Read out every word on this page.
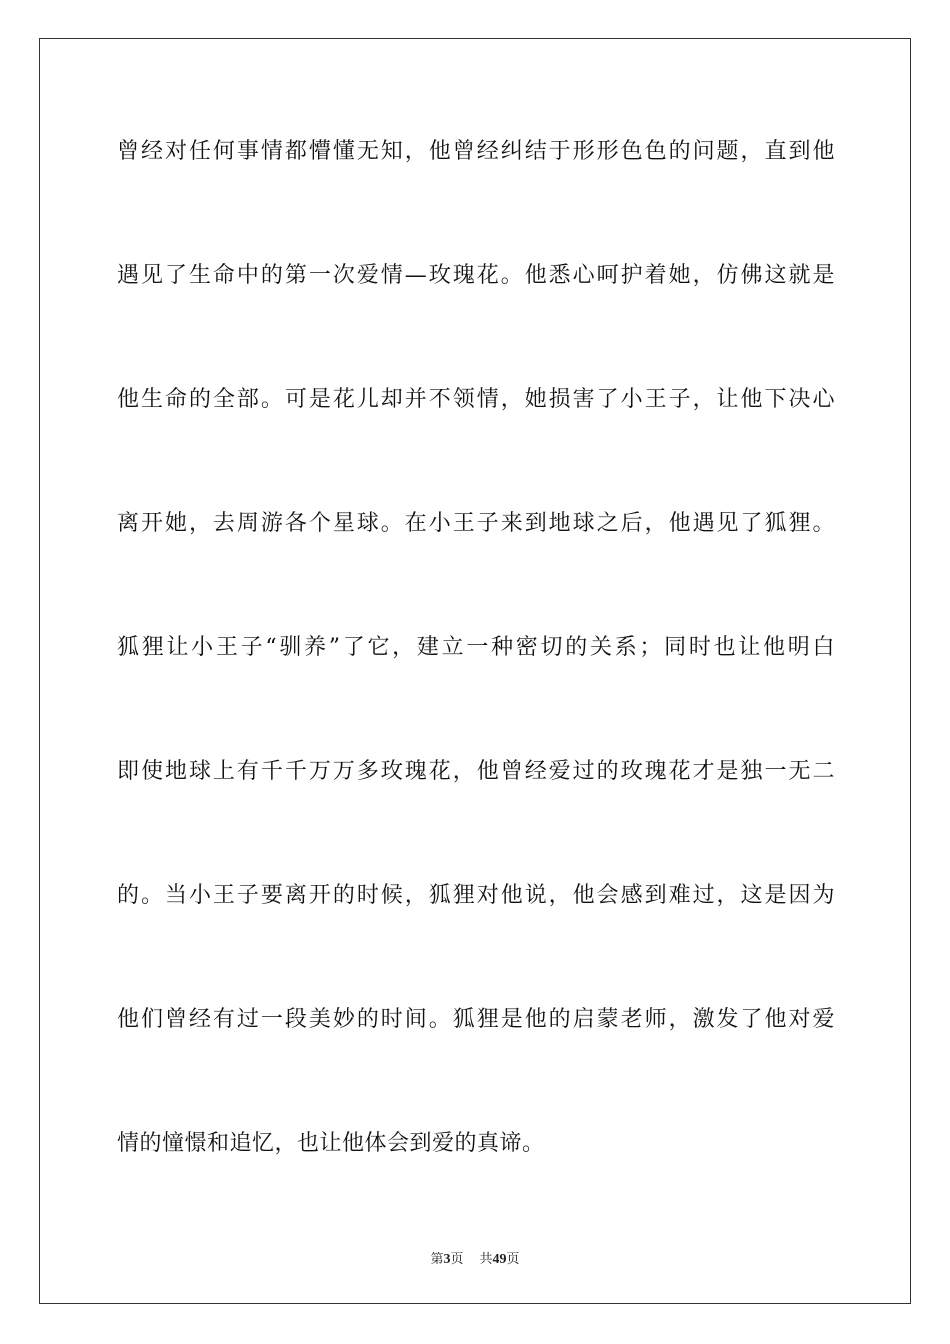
曾经对任何事情都懵懂无知，他曾经纠结于形形色色的问题，直到他
遇见了生命中的第一次爱情—玫瑰花。他悉心呵护着她，仿佛这就是
他生命的全部。可是花儿却并不领情，她损害了小王子，让他下决心
离开她，去周游各个星球。在小王子来到地球之后，他遇见了狐狸。
狐狸让小王子“驯养”了它，建立一种密切的关系；同时也让他明白
即使地球上有千千万万多玫瑰花，他曾经爱过的玫瑰花才是独一无二
的。当小王子要离开的时候，狐狸对他说，他会感到难过，这是因为
他们曾经有过一段美妙的时间。狐狸是他的启蒙老师，激发了他对爱
情的憧憬和追忆，也让他体会到爱的真谛。
第3页 共49页
